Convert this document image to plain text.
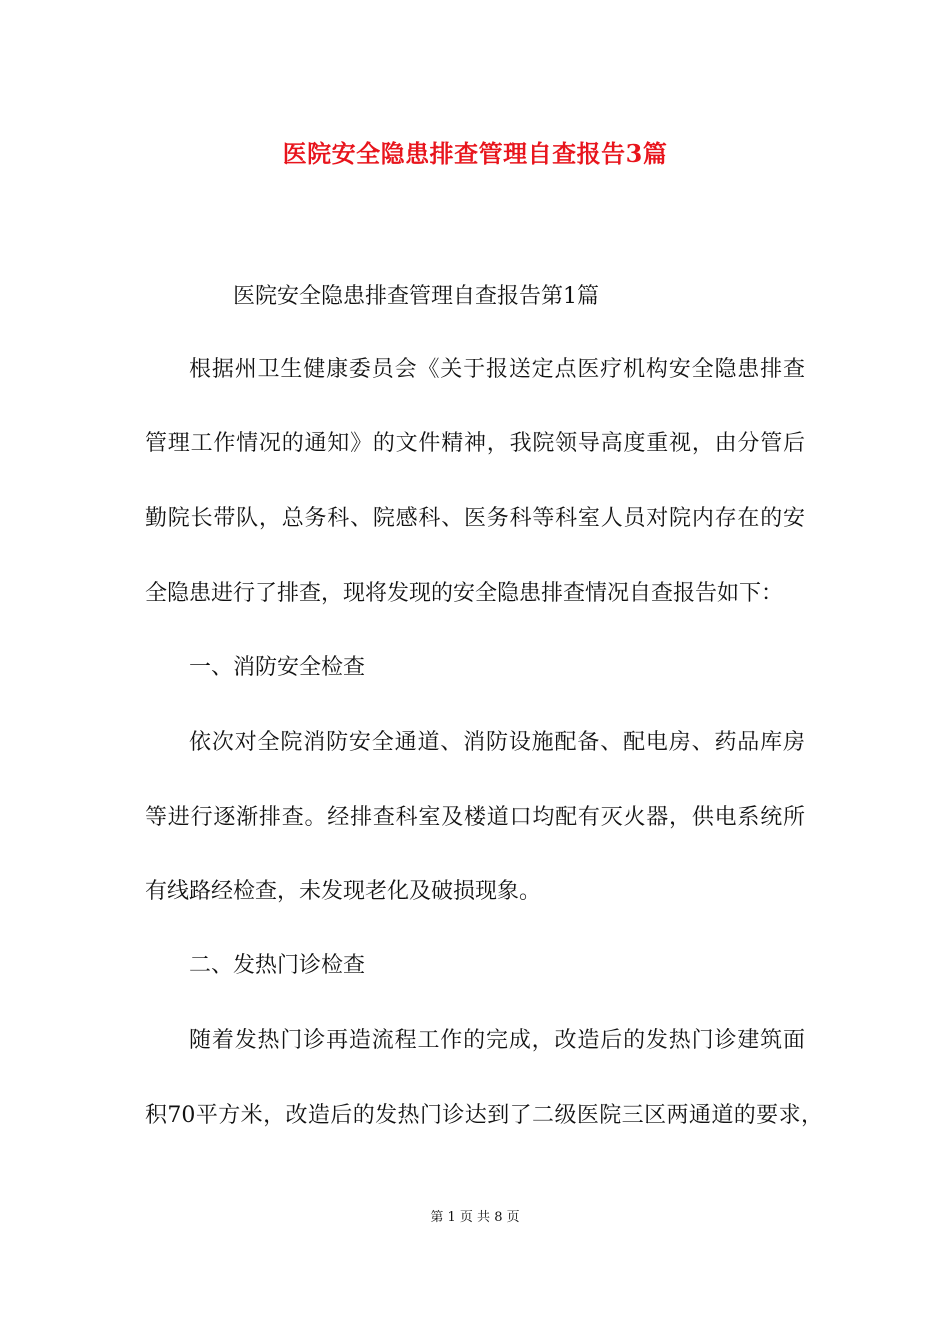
医院安全隐患排查管理自查报告3篇
医院安全隐患排查管理自查报告第1篇
根据州卫生健康委员会《关于报送定点医疗机构安全隐患排查
管理工作情况的通知》的文件精神，我院领导高度重视，由分管后
勤院长带队，总务科、院感科、医务科等科室人员对院内存在的安
全隐患进行了排查，现将发现的安全隐患排查情况自查报告如下：
一、消防安全检查
依次对全院消防安全通道、消防设施配备、配电房、药品库房
等进行逐渐排查。经排查科室及楼道口均配有灭火器，供电系统所
有线路经检查，未发现老化及破损现象。
二、发热门诊检查
随着发热门诊再造流程工作的完成，改造后的发热门诊建筑面
积70平方米，改造后的发热门诊达到了二级医院三区两通道的要求，
第 1 页 共 8 页
